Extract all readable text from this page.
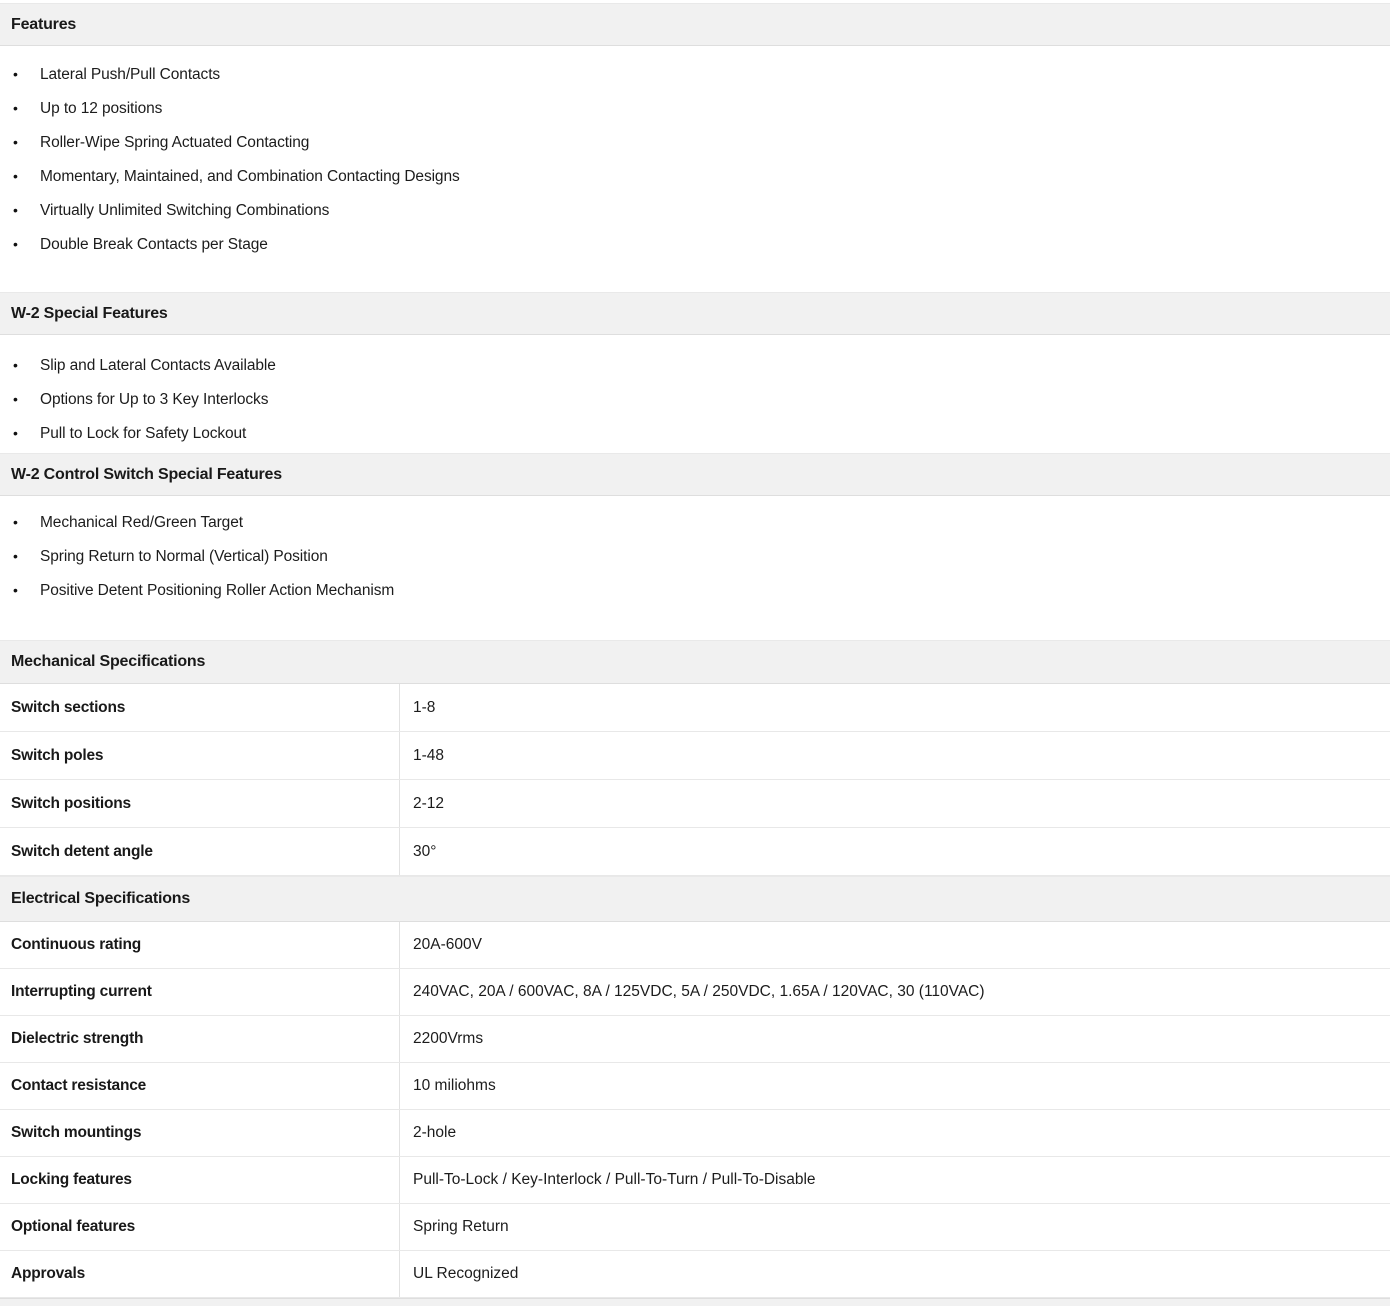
Features
•
Lateral Push/Pull Contacts
•
Up to 12 positions
•
Roller-Wipe Spring Actuated Contacting
•
Momentary, Maintained, and Combination Contacting Designs
•
Virtually Unlimited Switching Combinations
•
Double Break Contacts per Stage
W-2 Special Features
•
Slip and Lateral Contacts Available
•
Options for Up to 3 Key Interlocks
•
Pull to Lock for Safety Lockout
W-2 Control Switch Special Features
•
Mechanical Red/Green Target
•
Spring Return to Normal (Vertical) Position
•
Positive Detent Positioning Roller Action Mechanism
Mechanical Specifications
Switch sections	1-8
Switch poles	1-48
Switch positions	2-12
Switch detent angle	30°
Electrical Specifications
Continuous rating	20A-600V
Interrupting current	240VAC, 20A / 600VAC, 8A / 125VDC, 5A / 250VDC, 1.65A / 120VAC, 30 (110VAC)
Dielectric strength	2200Vrms
Contact resistance	10 miliohms
Switch mountings	2-hole
Locking features	Pull-To-Lock / Key-Interlock / Pull-To-Turn / Pull-To-Disable
Optional features	Spring Return
Approvals	UL Recognized
